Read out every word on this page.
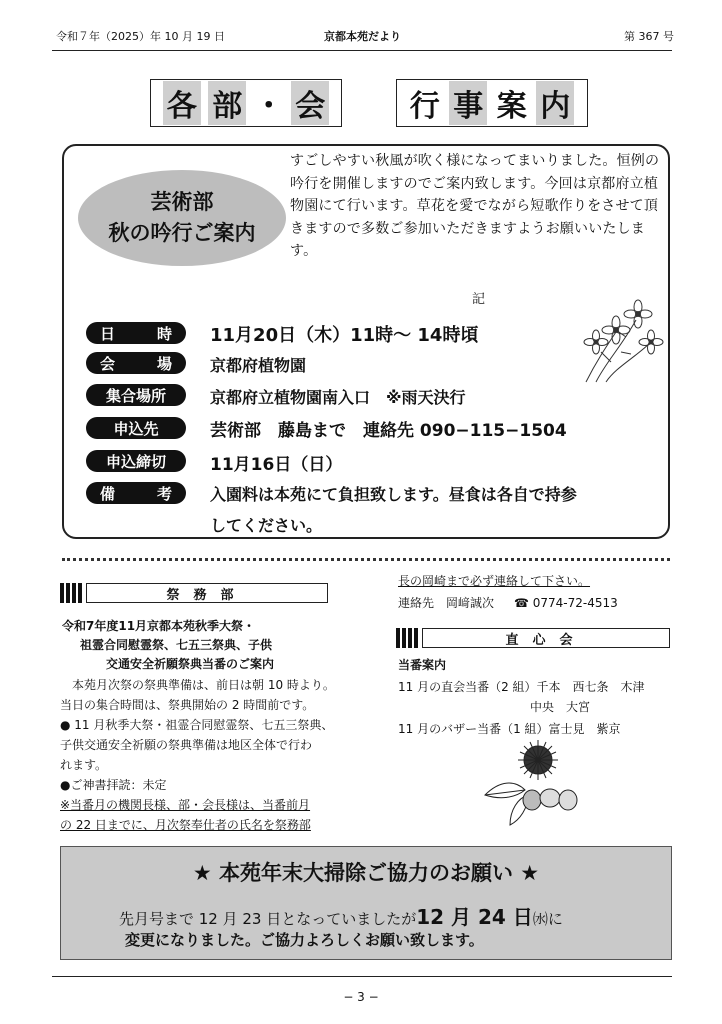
令和７年（2025）年 10 月 19 日	京都本苑だより	第 367 号
各 部 ・ 会	行 事 案 内
芸術部
秋の吟行ご案内
すごしやすい秋風が吹く様になってまいりました。恒例の吟行を開催しますのでご案内致します。今回は京都府立植物園にて行います。草花を愛でながら短歌作りをさせて頂きますので多数ご参加いただきますようお願いいたします。
記
日	時 11月20日（木）11時〜 14時頃
会	場 京都府植物園
集合場所	京都府立植物園南入口　※雨天決行
申込先	芸術部　藤島まで　連絡先 090−115−1504
申込締切	11月16日（日）
備	考 入園料は本苑にて負担致します。昼食は各自で持参
してください。
祭務部
令和7年度11月京都本苑秋季大祭・
祖霊合同慰霊祭、七五三祭典、子供
交通安全祈願祭典当番のご案内
本苑月次祭の祭典準備は、前日は朝 10 時より。
当日の集合時間は、祭典開始の 2 時間前です。
● 11 月秋季大祭・祖霊合同慰霊祭、七五三祭典、
子供交通安全祈願の祭典準備は地区全体で行わ
れます。
●ご神書拝読：未定
※当番月の機関長様、部・会長様は、当番前月
の 22 日までに、月次祭奉仕者の氏名を祭務部
長の岡崎まで必ず連絡して下さい。
連絡先　岡﨑誠次 ☎ 0774-72-4513
直心会
当番案内
11 月の直会当番（2 組）千本　西七条　木津
中央　大宮
11 月のバザー当番（1 組）富士見　紫京
★ 本苑年末大掃除ご協力のお願い ★
先月号まで 12 月 23 日となっていましたが12 月 24 日㈬に
変更になりました。ご協力よろしくお願い致します。
− 3 −
